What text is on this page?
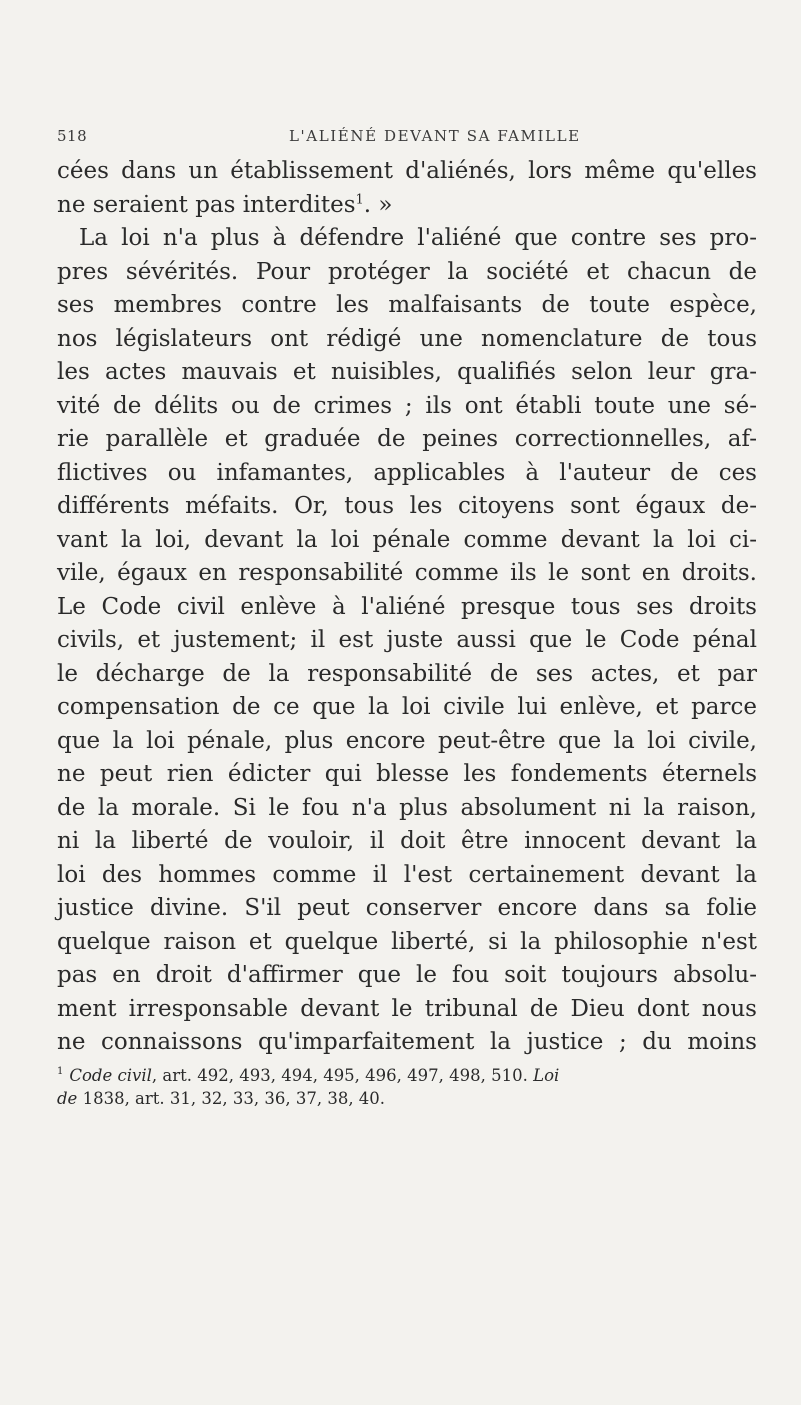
518	L'ALIÉNÉ DEVANT SA FAMILLE
cées dans un établissement d'aliénés, lors même qu'elles
ne seraient pas interdites$^1$. »
La loi n'a plus à défendre l'aliéné que contre ses pro-
pres sévérités. Pour protéger la société et chacun de
ses membres contre les malfaisants de toute espèce,
nos législateurs ont rédigé une nomenclature de tous
les actes mauvais et nuisibles, qualifiés selon leur gra-
vité de délits ou de crimes ; ils ont établi toute une sé-
rie parallèle et graduée de peines correctionnelles, af-
flictives ou infamantes, applicables à l'auteur de ces
différents méfaits. Or, tous les citoyens sont égaux de-
vant la loi, devant la loi pénale comme devant la loi ci-
vile, égaux en responsabilité comme ils le sont en droits.
Le Code civil enlève à l'aliéné presque tous ses droits
civils, et justement; il est juste aussi que le Code pénal
le décharge de la responsabilité de ses actes, et par
compensation de ce que la loi civile lui enlève, et parce
que la loi pénale, plus encore peut-être que la loi civile,
ne peut rien édicter qui blesse les fondements éternels
de la morale. Si le fou n'a plus absolument ni la raison,
ni la liberté de vouloir, il doit être innocent devant la
loi des hommes comme il l'est certainement devant la
justice divine. S'il peut conserver encore dans sa folie
quelque raison et quelque liberté, si la philosophie n'est
pas en droit d'affirmer que le fou soit toujours absolu-
ment irresponsable devant le tribunal de Dieu dont nous
ne connaissons qu'imparfaitement la justice ; du moins
$^1$ Code civil, art. 492, 493, 494, 495, 496, 497, 498, 510. Loi
de 1838, art. 31, 32, 33, 36, 37, 38, 40.
